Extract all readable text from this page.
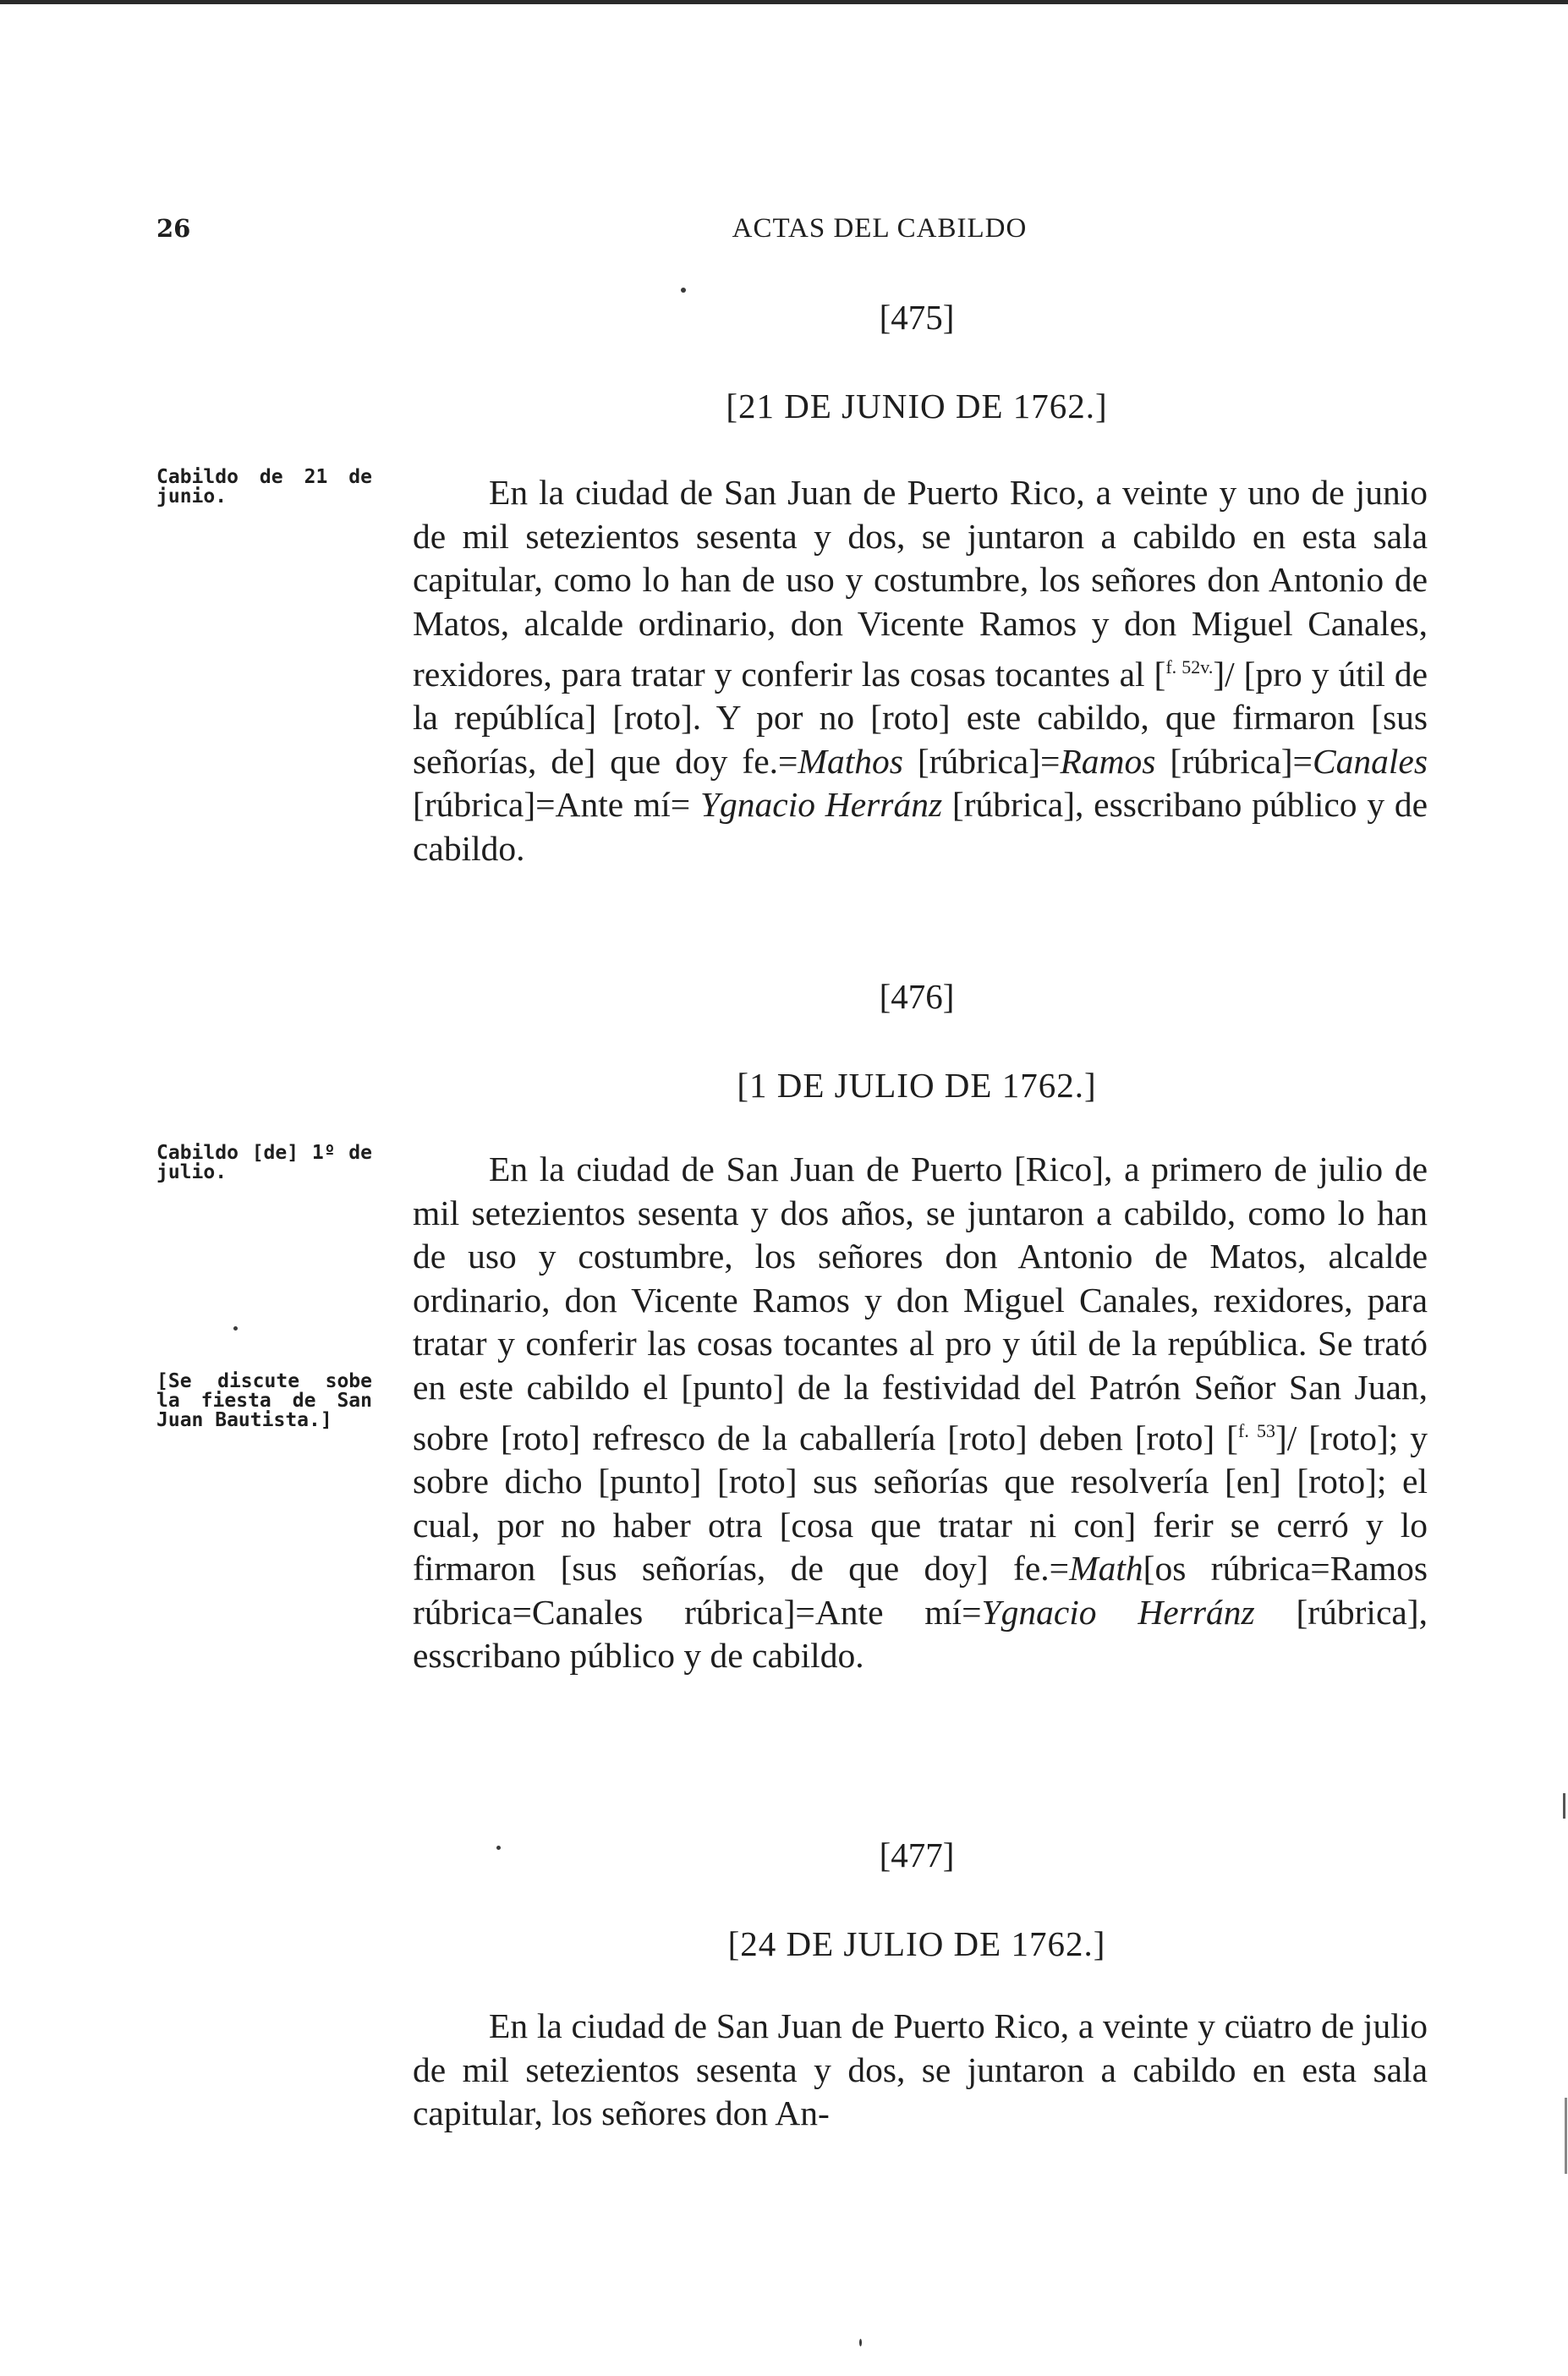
26	ACTAS DEL CABILDO

[475]

[21 DE JUNIO DE 1762.]

Cabildo de 21 de junio.	En la ciudad de San Juan de Puerto Rico, a veinte y uno de junio de mil setezientos sesenta y dos, se juntaron a cabildo en esta sala capitular, como lo han de uso y costumbre, los señores don Antonio de Matos, alcalde ordinario, don Vicente Ramos y don Miguel Canales, rexidores, para tratar y conferir las cosas tocantes al [$^{f. 52v.}$]/ [pro y útil de la repúblíca] [roto]. Y por no [roto] este cabildo, que firmaron [sus señorías, de] que doy fe.=Mathos [rúbrica]=Ramos [rúbrica]=Canales [rúbrica]=Ante mí= Ygnacio Herránz [rúbrica], esscribano público y de cabildo.

[476]

[1 DE JULIO DE 1762.]

Cabildo [de] 1º de julio.

[Se discute sobe la fiesta de San Juan Bautista.]

En la ciudad de San Juan de Puerto [Rico], a primero de julio de mil setezientos sesenta y dos años, se juntaron a cabildo, como lo han de uso y costumbre, los señores don Antonio de Matos, alcalde ordinario, don Vicente Ramos y don Miguel Canales, rexidores, para tratar y conferir las cosas tocantes al pro y útil de la república. Se trató en este cabildo el [punto] de la festividad del Patrón Señor San Juan, sobre [roto] refresco de la caballería [roto] deben [roto] [$^{f. 53}$]/ [roto]; y sobre dicho [punto] [roto] sus señorías que resolvería [en] [roto]; el cual, por no haber otra [cosa que tratar ni con] ferir se cerró y lo firmaron [sus señorías, de que doy] fe.=Math[os rúbrica=Ramos rúbrica=Canales rúbrica]=Ante mí=Ygnacio Herránz [rúbrica], esscribano público y de cabildo.

[477]

[24 DE JULIO DE 1762.]

En la ciudad de San Juan de Puerto Rico, a veinte y cüatro de julio de mil setezientos sesenta y dos, se juntaron a cabildo en esta sala capitular, los señores don An-
